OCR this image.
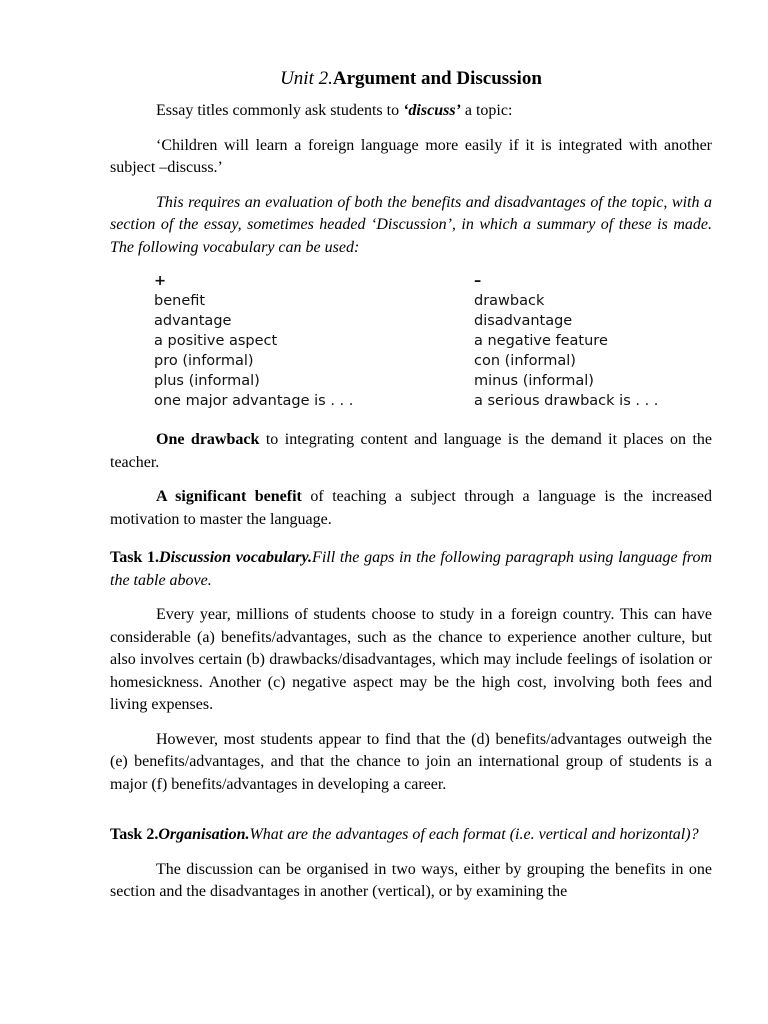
Unit 2.Argument and Discussion

Essay titles commonly ask students to ‘discuss’ a topic:

‘Children will learn a foreign language more easily if it is integrated with another subject –discuss.’

This requires an evaluation of both the benefits and disadvantages of the topic, with a section of the essay, sometimes headed ‘Discussion’, in which a summary of these is made. The following vocabulary can be used:

+
benefit
advantage
a positive aspect
pro (informal)
plus (informal)
one major advantage is . . .
–
drawback
disadvantage
a negative feature
con (informal)
minus (informal)
a serious drawback is . . .

One drawback to integrating content and language is the demand it places on the teacher.

A significant benefit of teaching a subject through a language is the increased motivation to master the language.

Task 1.Discussion vocabulary.Fill the gaps in the following paragraph using language from the table above.

Every year, millions of students choose to study in a foreign country. This can have considerable (a) benefits/advantages, such as the chance to experience another culture, but also involves certain (b) drawbacks/disadvantages, which may include feelings of isolation or homesickness. Another (c) negative aspect may be the high cost, involving both fees and living expenses.

However, most students appear to find that the (d) benefits/advantages outweigh the (e) benefits/advantages, and that the chance to join an international group of students is a major (f) benefits/advantages in developing a career.

Task 2.Organisation.What are the advantages of each format (i.e. vertical and horizontal)?

The discussion can be organised in two ways, either by grouping the benefits in one section and the disadvantages in another (vertical), or by examining the
